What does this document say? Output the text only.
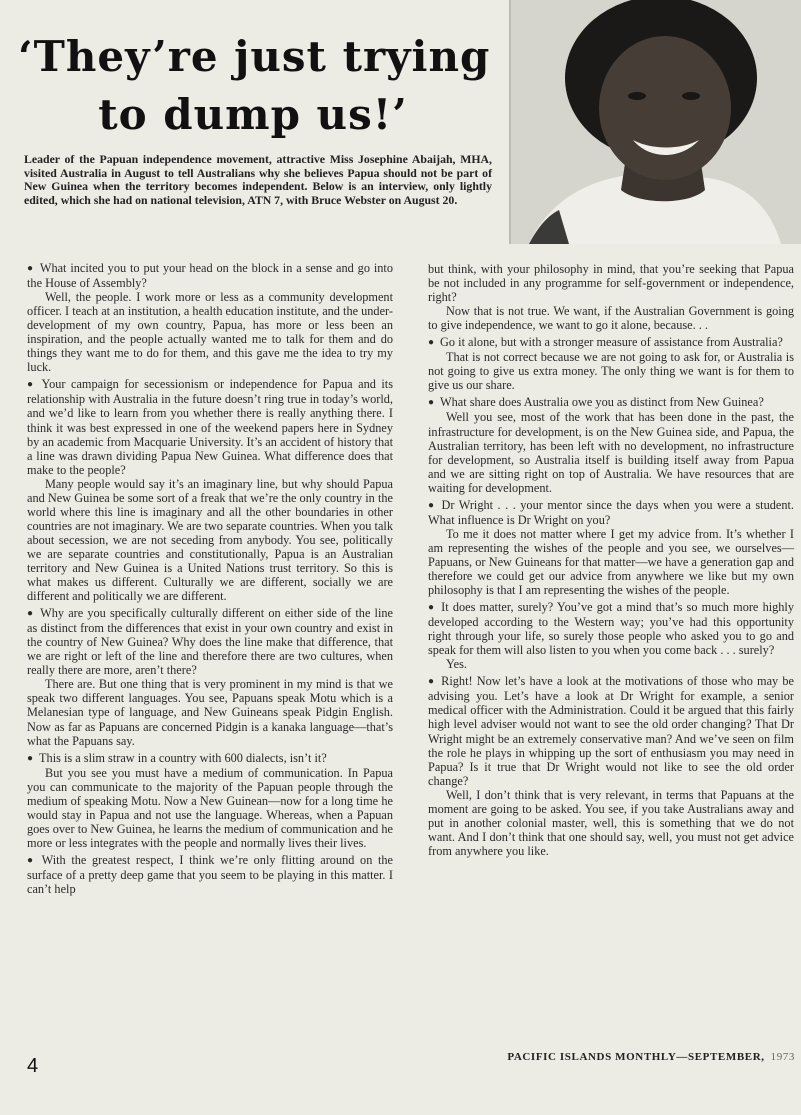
‘They’re just trying
to dump us!’
Leader of the Papuan independence movement, attractive Miss Josephine Abaijah, MHA, visited Australia in August to tell Australians why she believes Papua should not be part of New Guinea when the territory becomes independent. Below is an interview, only lightly edited, which she had on national television, ATN 7, with Bruce Webster on August 20.

● What incited you to put your head on the block in a sense and go into the House of Assembly?

Well, the people. I work more or less as a community development officer. I teach at an institution, a health education institute, and the under-development of my own country, Papua, has more or less been an inspiration, and the people actually wanted me to talk for them and do things they want me to do for them, and this gave me the idea to try my luck.

● Your campaign for secessionism or independence for Papua and its relationship with Australia in the future doesn’t ring true in today’s world, and we’d like to learn from you whether there is really anything there. I think it was best expressed in one of the weekend papers here in Sydney by an academic from Macquarie University. It’s an accident of history that a line was drawn dividing Papua New Guinea. What difference does that make to the people?

Many people would say it’s an imaginary line, but why should Papua and New Guinea be some sort of a freak that we’re the only country in the world where this line is imaginary and all the other boundaries in other countries are not imaginary. We are two separate countries. When you talk about secession, we are not seceding from anybody. You see, politically we are separate countries and constitutionally, Papua is an Australian territory and New Guinea is a United Nations trust territory. So this is what makes us different. Culturally we are different, socially we are different and politically we are different.

● Why are you specifically culturally different on either side of the line as distinct from the differences that exist in your own country and exist in the country of New Guinea? Why does the line make that difference, that we are right or left of the line and therefore there are two cultures, when really there are more, aren’t there?

There are. But one thing that is very prominent in my mind is that we speak two different languages. You see, Papuans speak Motu which is a Melanesian type of language, and New Guineans speak Pidgin English. Now as far as Papuans are concerned Pidgin is a kanaka language—that’s what the Papuans say.

● This is a slim straw in a country with 600 dialects, isn’t it?

But you see you must have a medium of communication. In Papua you can communicate to the majority of the Papuan people through the medium of speaking Motu. Now a New Guinean—now for a long time he would stay in Papua and not use the language. Whereas, when a Papuan goes over to New Guinea, he learns the medium of communication and he more or less integrates with the people and normally lives their lives.

● With the greatest respect, I think we’re only flitting around on the surface of a pretty deep game that you seem to be playing in this matter. I can’t help

but think, with your philosophy in mind, that you’re seeking that Papua be not included in any programme for self-government or independence, right?

Now that is not true. We want, if the Australian Government is going to give independence, we want to go it alone, because. . .

● Go it alone, but with a stronger measure of assistance from Australia?

That is not correct because we are not going to ask for, or Australia is not going to give us extra money. The only thing we want is for them to give us our share.

● What share does Australia owe you as distinct from New Guinea?

Well you see, most of the work that has been done in the past, the infrastructure for development, is on the New Guinea side, and Papua, the Australian territory, has been left with no development, no infrastructure for development, so Australia itself is building itself away from Papua and we are sitting right on top of Australia. We have resources that are waiting for development.

● Dr Wright . . . your mentor since the days when you were a student. What influence is Dr Wright on you?

To me it does not matter where I get my advice from. It’s whether I am representing the wishes of the people and you see, we ourselves—Papuans, or New Guineans for that matter—we have a generation gap and therefore we could get our advice from anywhere we like but my own philosophy is that I am representing the wishes of the people.

● It does matter, surely? You’ve got a mind that’s so much more highly developed according to the Western way; you’ve had this opportunity right through your life, so surely those people who asked you to go and speak for them will also listen to you when you come back . . . surely?

Yes.

● Right! Now let’s have a look at the motivations of those who may be advising you. Let’s have a look at Dr Wright for example, a senior medical officer with the Administration. Could it be argued that this fairly high level adviser would not want to see the old order changing? That Dr Wright might be an extremely conservative man? And we’ve seen on film the role he plays in whipping up the sort of enthusiasm you may need in Papua? Is it true that Dr Wright would not like to see the old order change?

Well, I don’t think that is very relevant, in terms that Papuans at the moment are going to be asked. You see, if you take Australians away and put in another colonial master, well, this is something that we do not want. And I don’t think that one should say, well, you must not get advice from anywhere you like.

4	PACIFIC ISLANDS MONTHLY—SEPTEMBER, 1973
